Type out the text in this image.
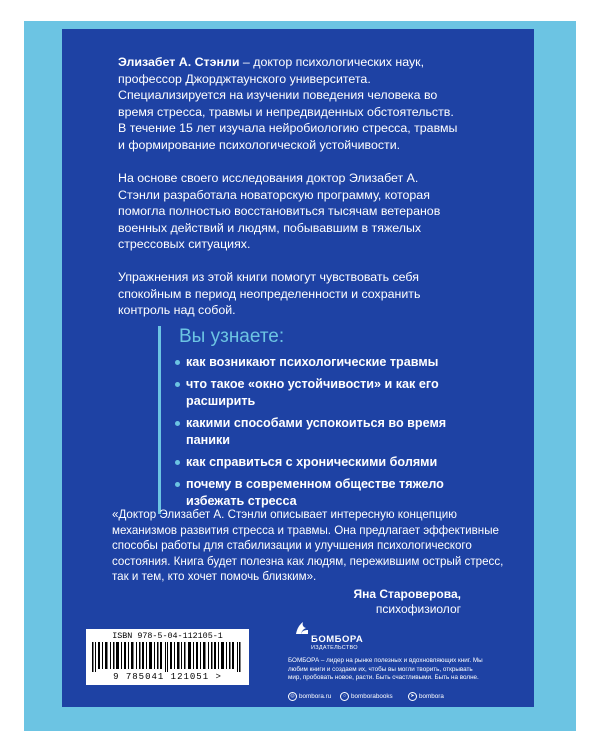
Элизабет А. Стэнли – доктор психологических наук, профессор Джорджтаунского университета. Специализируется на изучении поведения человека во время стресса, травмы и непредвиденных обстоятельств. В течение 15 лет изучала нейробиологию стресса, травмы и формирование психологической устойчивости.

На основе своего исследования доктор Элизабет А. Стэнли разработала новаторскую программу, которая помогла полностью восстановиться тысячам ветеранов военных действий и людям, побывавшим в тяжелых стрессовых ситуациях.

Упражнения из этой книги помогут чувствовать себя спокойным в период неопределенности и сохранить контроль над собой.

Вы узнаете:
как возникают психологические травмы
что такое «окно устойчивости» и как его расширить
какими способами успокоиться во время паники
как справиться с хроническими болями
почему в современном обществе тяжело избежать стресса

«Доктор Элизабет А. Стэнли описывает интересную концепцию механизмов развития стресса и травмы. Она предлагает эффективные способы работы для стабилизации и улучшения психологического состояния. Книга будет полезна как людям, пережившим острый стресс, так и тем, кто хочет помочь близким».

Яна Староверова,
психофизиолог
ISBN 978-5-04-112105-1
9 785041 121051 >
БОМБОРА
ИЗДАТЕЛЬСТВО

БОМБОРА – лидер на рынке полезных и вдохновляющих книг. Мы любим книги и создаем их, чтобы вы могли творить, открывать мир, пробовать новое, расти. Быть счастливыми. Быть на волне.

◎ bombora.ru	○ bomborabooks	➤ bombora
